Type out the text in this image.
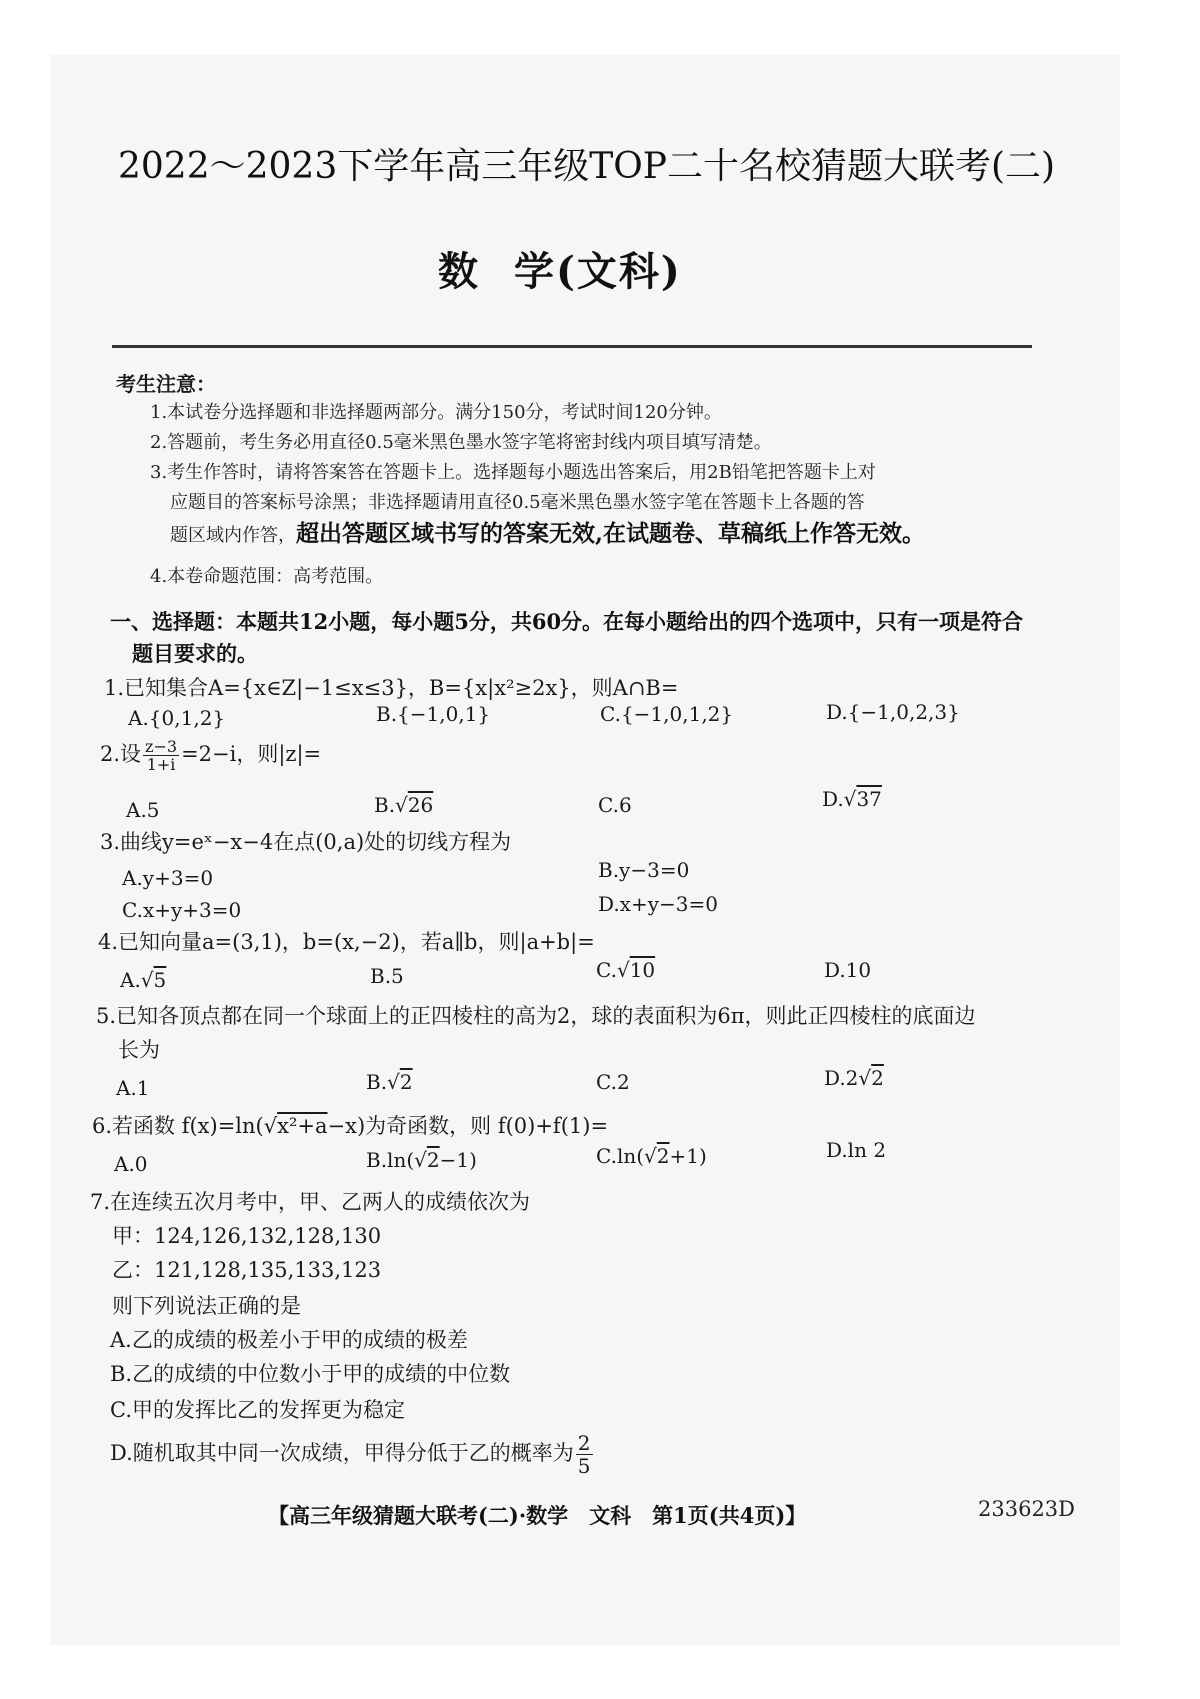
2022～2023下学年高三年级TOP二十名校猜题大联考(二)
数 学(文科)
考生注意：
1.本试卷分选择题和非选择题两部分。满分150分，考试时间120分钟。
2.答题前，考生务必用直径0.5毫米黑色墨水签字笔将密封线内项目填写清楚。
3.考生作答时，请将答案答在答题卡上。选择题每小题选出答案后，用2B铅笔把答题卡上对
应题目的答案标号涂黑；非选择题请用直径0.5毫米黑色墨水签字笔在答题卡上各题的答
题区域内作答，超出答题区域书写的答案无效,在试题卷、草稿纸上作答无效。
4.本卷命题范围：高考范围。
一、选择题：本题共12小题，每小题5分，共60分。在每小题给出的四个选项中，只有一项是符合
题目要求的。
1.已知集合A={x∈Z|−1≤x≤3}，B={x|x²≥2x}，则A∩B=
A.{0,1,2}	B.{−1,0,1}	C.{−1,0,1,2}	D.{−1,0,2,3}
2.设 $\frac{z-3}{1+i} =2-i$，则|z|=
A.5	B.√26	C.6	D.√37
3.曲线y=eˣ−x−4在点(0,a)处的切线方程为
A.y+3=0	B.y−3=0
C.x+y+3=0	D.x+y−3=0
4.已知向量a=(3,1)，b=(x,−2)，若a∥b，则|a+b|=
A.√5	B.5	C.√10	D.10
5.已知各顶点都在同一个球面上的正四棱柱的高为2，球的表面积为6π，则此正四棱柱的底面边
长为
A.1	B.√2	C.2	D.2√2
6.若函数 f(x)=ln(√x²+a−x)为奇函数，则 f(0)+f(1)=
A.0	B.ln(√2−1)	C.ln(√2+1)	D.ln 2
7.在连续五次月考中，甲、乙两人的成绩依次为
甲：124,126,132,128,130
乙：121,128,135,133,123
则下列说法正确的是
A.乙的成绩的极差小于甲的成绩的极差
B.乙的成绩的中位数小于甲的成绩的中位数
C.甲的发挥比乙的发挥更为稳定
D.随机取其中同一次成绩，甲得分低于乙的概率为 $\frac{2}{5}$
【高三年级猜题大联考(二)·数学　文科　第1页(共4页)】	233623D
